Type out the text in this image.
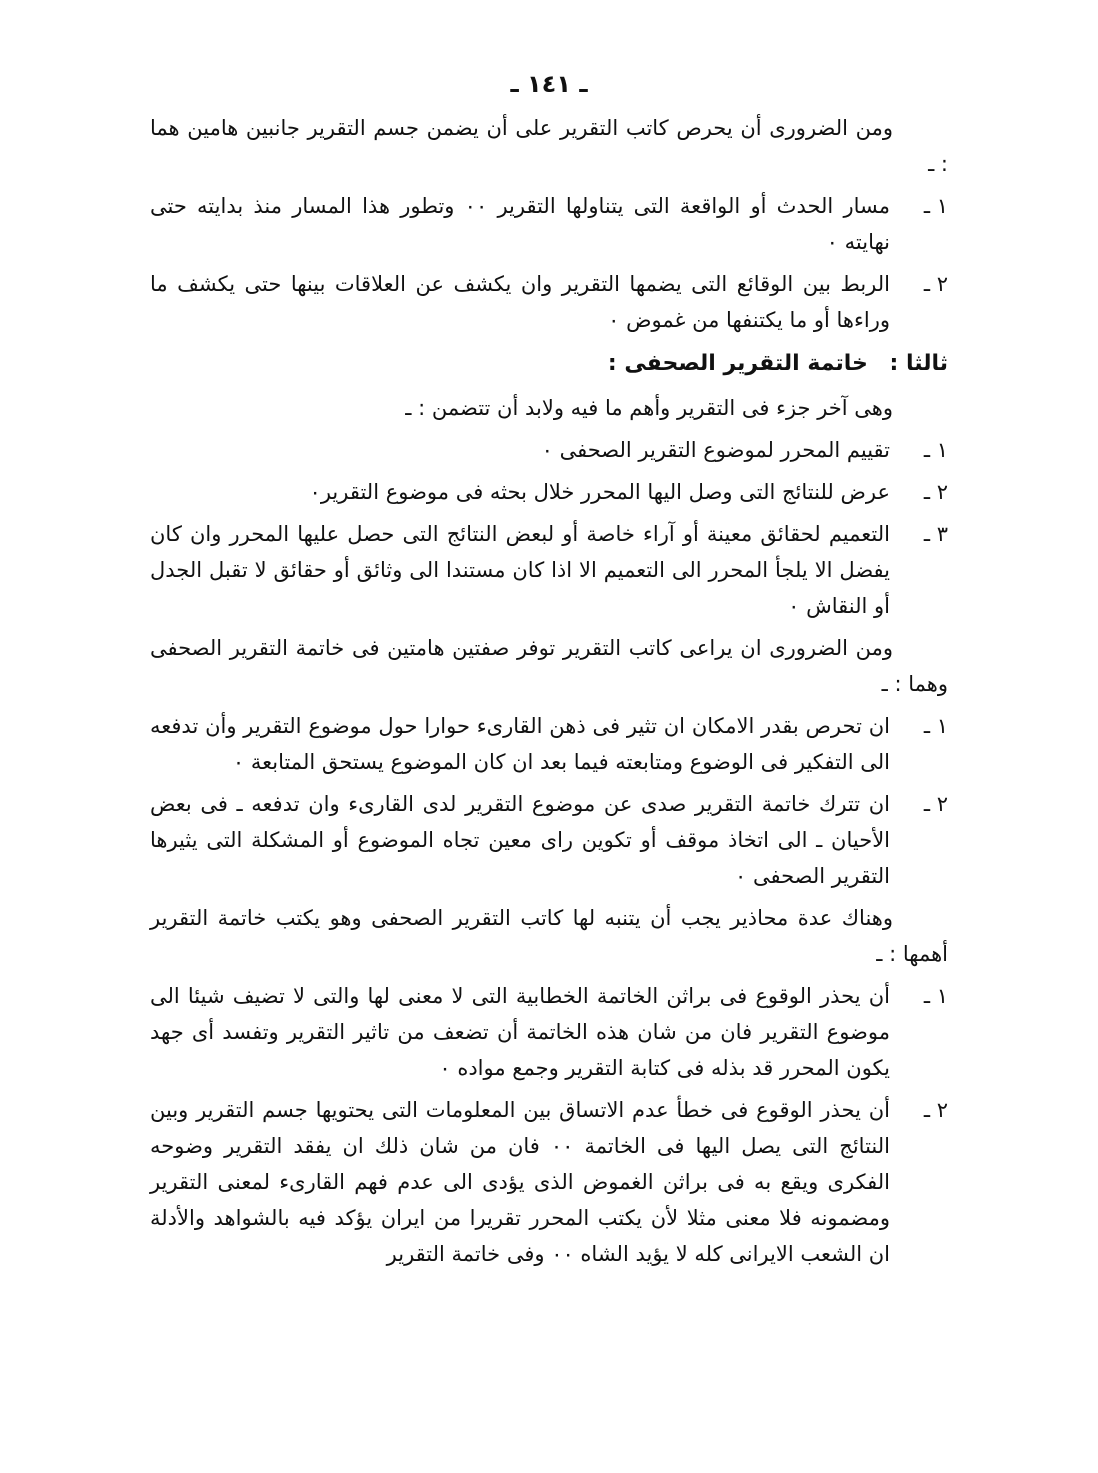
ـ ١٤١ ـ

ومن الضرورى أن يحرص كاتب التقرير على أن يضمن جسم التقرير جانبين هامين هما : ـ

١ ـ
مسار الحدث أو الواقعة التى يتناولها التقرير ٠٠ وتطور هذا المسار منذ بدايته حتى نهايته ٠
٢ ـ
الربط بين الوقائع التى يضمها التقرير وان يكشف عن العلاقات بينها حتى يكشف ما وراءها أو ما يكتنفها من غموض ٠
ثالثا : خاتمة التقرير الصحفى :

وهى آخر جزء فى التقرير وأهم ما فيه ولابد أن تتضمن : ـ

١ ـ
تقييم المحرر لموضوع التقرير الصحفى ٠
٢ ـ
عرض للنتائج التى وصل اليها المحرر خلال بحثه فى موضوع التقرير٠
٣ ـ
التعميم لحقائق معينة أو آراء خاصة أو لبعض النتائج التى حصل عليها المحرر وان كان يفضل الا يلجأ المحرر الى التعميم الا اذا كان مستندا الى وثائق أو حقائق لا تقبل الجدل أو النقاش ٠

ومن الضرورى ان يراعى كاتب التقرير توفر صفتين هامتين فى خاتمة التقرير الصحفى وهما : ـ

١ ـ
ان تحرص بقدر الامكان ان تثير فى ذهن القارىء حوارا حول موضوع التقرير وأن تدفعه الى التفكير فى الوضوع ومتابعته فيما بعد ان كان الموضوع يستحق المتابعة ٠
٢ ـ
ان تترك خاتمة التقرير صدى عن موضوع التقرير لدى القارىء وان تدفعه ـ فى بعض الأحيان ـ الى اتخاذ موقف أو تكوين راى معين تجاه الموضوع أو المشكلة التى يثيرها التقرير الصحفى ٠

وهناك عدة محاذير يجب أن يتنبه لها كاتب التقرير الصحفى وهو يكتب خاتمة التقرير أهمها : ـ

١ ـ
أن يحذر الوقوع فى براثن الخاتمة الخطابية التى لا معنى لها والتى لا تضيف شيئا الى موضوع التقرير فان من شان هذه الخاتمة أن تضعف من تاثير التقرير وتفسد أى جهد يكون المحرر قد بذله فى كتابة التقرير وجمع مواده ٠
٢ ـ
أن يحذر الوقوع فى خطأ عدم الاتساق بين المعلومات التى يحتويها جسم التقرير وبين النتائج التى يصل اليها فى الخاتمة ٠٠ فان من شان ذلك ان يفقد التقرير وضوحه الفكرى ويقع به فى براثن الغموض الذى يؤدى الى عدم فهم القارىء لمعنى التقرير ومضمونه فلا معنى مثلا لأن يكتب المحرر تقريرا من ايران يؤكد فيه بالشواهد والأدلة ان الشعب الايرانى كله لا يؤيد الشاه ٠٠ وفى خاتمة التقرير
